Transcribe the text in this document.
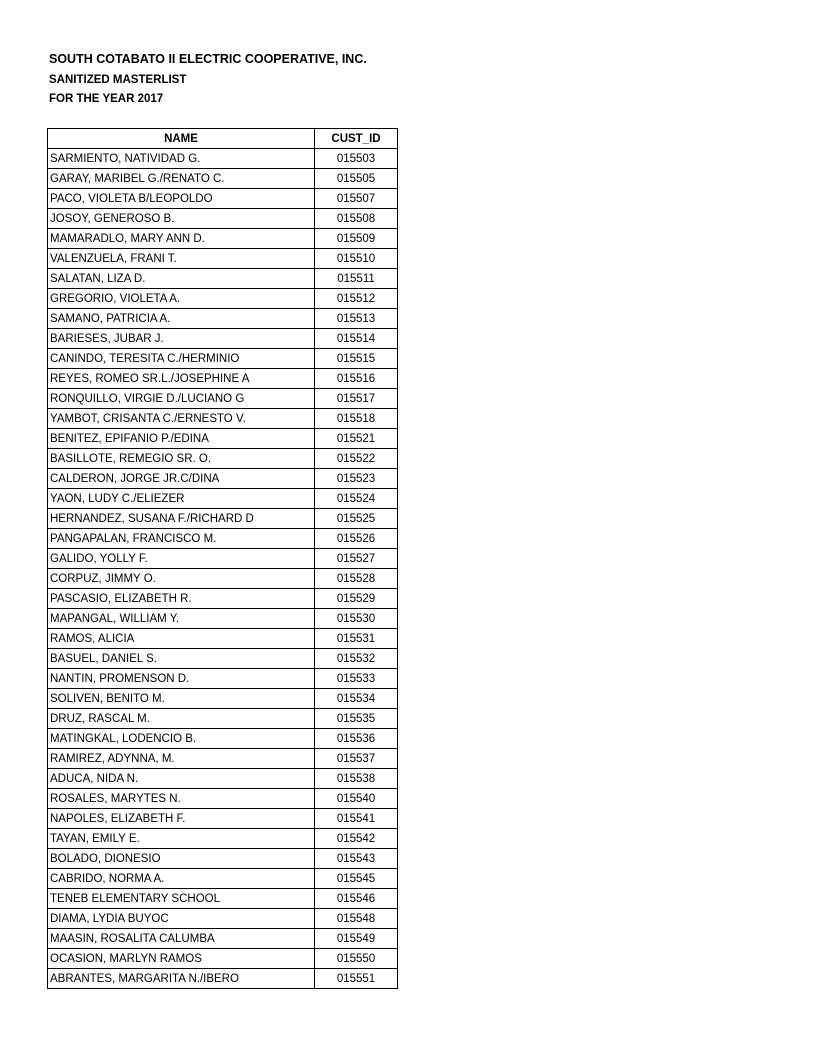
SOUTH COTABATO II ELECTRIC COOPERATIVE, INC.
SANITIZED MASTERLIST
FOR THE YEAR 2017
NAME	CUST_ID
SARMIENTO, NATIVIDAD G.	015503
GARAY, MARIBEL G./RENATO C.	015505
PACO, VIOLETA B/LEOPOLDO	015507
JOSOY, GENEROSO B.	015508
MAMARADLO, MARY ANN D.	015509
VALENZUELA, FRANI T.	015510
SALATAN, LIZA D.	015511
GREGORIO, VIOLETA A.	015512
SAMANO, PATRICIA A.	015513
BARIESES, JUBAR J.	015514
CANINDO, TERESITA C./HERMINIO	015515
REYES, ROMEO SR.L./JOSEPHINE A	015516
RONQUILLO, VIRGIE D./LUCIANO G	015517
YAMBOT, CRISANTA C./ERNESTO V.	015518
BENITEZ, EPIFANIO P./EDINA	015521
BASILLOTE, REMEGIO SR. O.	015522
CALDERON, JORGE JR.C/DINA	015523
YAON, LUDY C./ELIEZER	015524
HERNANDEZ, SUSANA F./RICHARD D	015525
PANGAPALAN, FRANCISCO M.	015526
GALIDO, YOLLY F.	015527
CORPUZ, JIMMY O.	015528
PASCASIO, ELIZABETH R.	015529
MAPANGAL, WILLIAM Y.	015530
RAMOS, ALICIA	015531
BASUEL, DANIEL S.	015532
NANTIN, PROMENSON D.	015533
SOLIVEN, BENITO M.	015534
DRUZ, RASCAL M.	015535
MATINGKAL, LODENCIO B.	015536
RAMIREZ, ADYNNA, M.	015537
ADUCA, NIDA N.	015538
ROSALES, MARYTES N.	015540
NAPOLES, ELIZABETH F.	015541
TAYAN, EMILY E.	015542
BOLADO, DIONESIO	015543
CABRIDO, NORMA A.	015545
TENEB ELEMENTARY SCHOOL	015546
DIAMA, LYDIA BUYOC	015548
MAASIN, ROSALITA CALUMBA	015549
OCASION, MARLYN RAMOS	015550
ABRANTES, MARGARITA N./IBERO	015551
